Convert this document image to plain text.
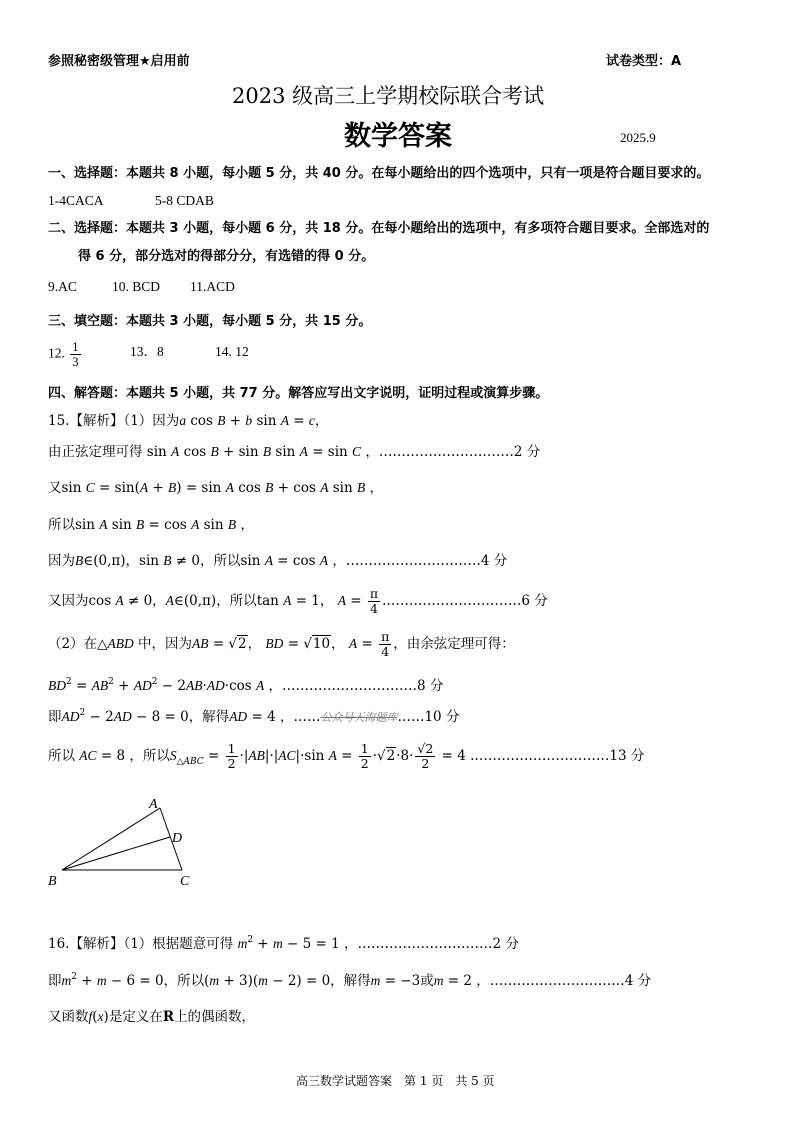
参照秘密级管理★启用前	试卷类型：A
2023 级高三上学期校际联合考试
数学答案	2025.9
一、选择题：本题共 8 小题，每小题 5 分，共 40 分。在每小题给出的四个选项中，只有一项是符合题目要求的。
1-4CACA	5-8 CDAB
二、选择题：本题共 3 小题，每小题 6 分，共 18 分。在每小题给出的选项中，有多项符合题目要求。全部选对的
得 6 分，部分选对的得部分分，有选错的得 0 分。
9.AC	10. BCD 11.ACD
三、填空题：本题共 3 小题，每小题 5 分，共 15 分。
12. $\frac{1}{3}$	13．8	14. 12
四、解答题：本题共 5 小题，共 77 分。解答应写出文字说明，证明过程或演算步骤。
15.【解析】（1）因为a cos B + b sin A = c，
由正弦定理可得 sin A cos B + sin B sin A = sin C ，…………………………2 分
又sin C = sin(A + B) = sin A cos B + cos A sin B ，
所以sin A sin B = cos A sin B ，
因为B∈(0,π)，sin B ≠ 0，所以sin A = cos A ，…………………………4 分
又因为cos A ≠ 0，A∈(0,π)，所以tan A = 1， $A = \frac{\pi}{4}$ .…………………………6 分
（2）在△ABD 中，因为AB = √2， BD = √10， $A = \frac{\pi}{4}$ ，由余弦定理可得：
$BD^2 = AB^2 + AD^2 - 2AB\cdot AD\cdot\cos$ A ，…………………………8 分
即$AD^2 - 2AD - 8 = 0$，解得AD = 4 ，……公众号天海题库……10 分
所以 AC = 8 ，所以$S_{\triangle ABC} = \frac{1}{2} \cdot|AB|\cdot|AC|\cdot\sin$ $A = \frac{1}{2} \cdot√2\cdot 8\cdot \frac{√2}{2} = 4$ .…………………………13 分
A
B	C
D
16.【解析】（1）根据题意可得 $m^2 + m - 5 = 1$ ，…………………………2 分
即$m^2 + m - 6 = 0$，所以(m + 3)(m − 2) = 0，解得m = −3或m = 2 ，…………………………4 分
又函数f(x)是定义在R上的偶函数，
高三数学试题答案　第 1 页　共 5 页
